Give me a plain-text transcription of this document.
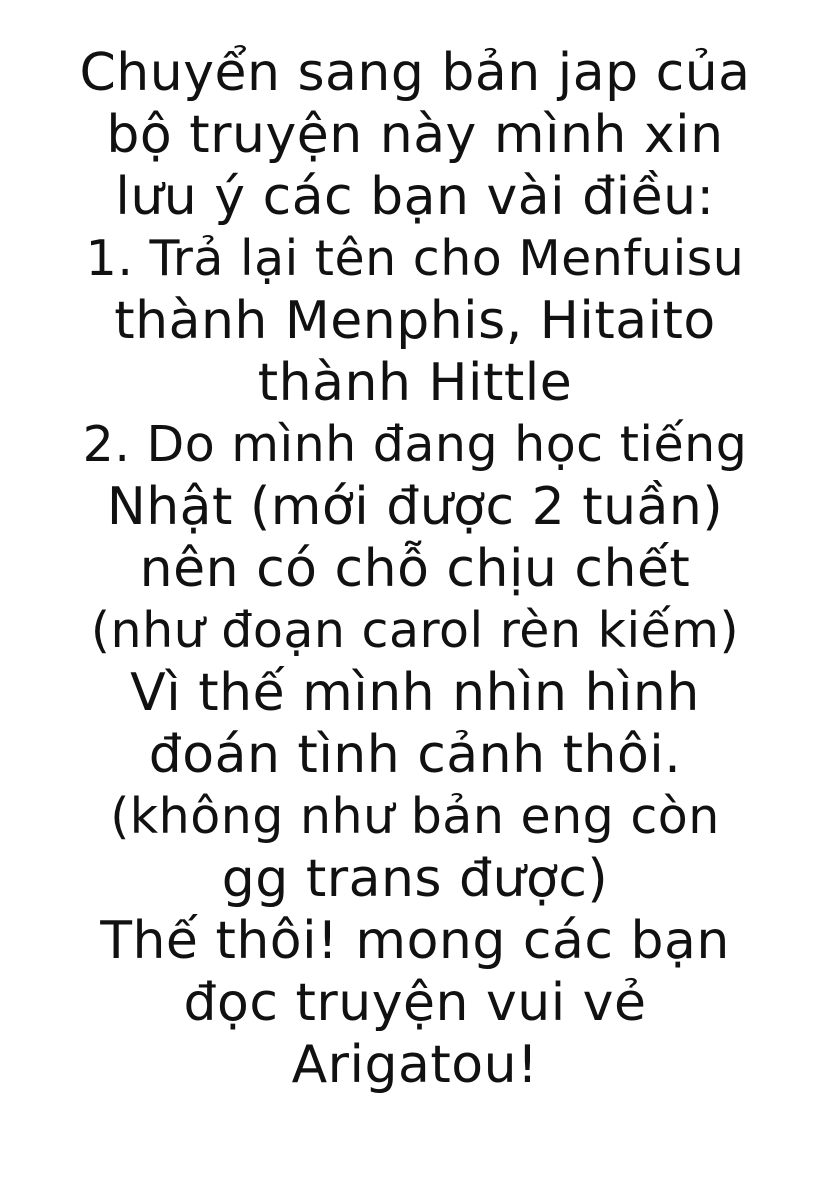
Chuyển sang bản jap của
bộ truyện này mình xin
lưu ý các bạn vài điều:
1. Trả lại tên cho Menfuisu
thành Menphis, Hitaito
thành Hittle
2. Do mình đang học tiếng
Nhật (mới được 2 tuần)
nên có chỗ chịu chết
(như đoạn carol rèn kiếm)
Vì thế mình nhìn hình
đoán tình cảnh thôi.
(không như bản eng còn
gg trans được)
Thế thôi! mong các bạn
đọc truyện vui vẻ
Arigatou!
